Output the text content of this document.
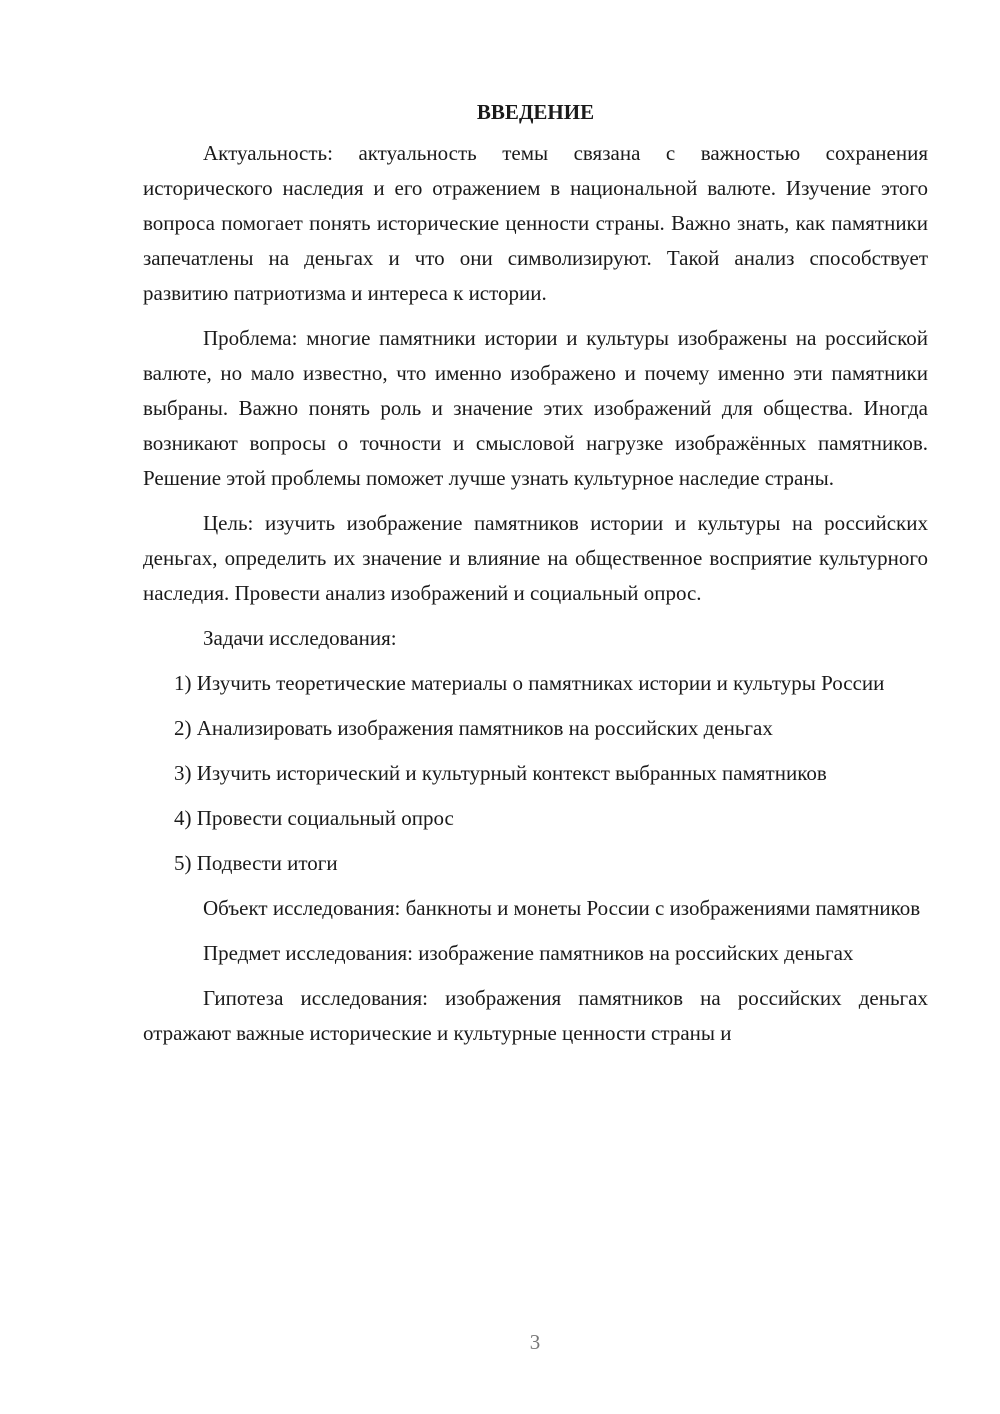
ВВЕДЕНИЕ

Актуальность: актуальность темы связана с важностью сохранения исторического наследия и его отражением в национальной валюте. Изучение этого вопроса помогает понять исторические ценности страны. Важно знать, как памятники запечатлены на деньгах и что они символизируют. Такой анализ способствует развитию патриотизма и интереса к истории.

Проблема: многие памятники истории и культуры изображены на российской валюте, но мало известно, что именно изображено и почему именно эти памятники выбраны. Важно понять роль и значение этих изображений для общества. Иногда возникают вопросы о точности и смысловой нагрузке изображённых памятников. Решение этой проблемы поможет лучше узнать культурное наследие страны.

Цель: изучить изображение памятников истории и культуры на российских деньгах, определить их значение и влияние на общественное восприятие культурного наследия. Провести анализ изображений и социальный опрос.

Задачи исследования:

1) Изучить теоретические материалы о памятниках истории и культуры России

2) Анализировать изображения памятников на российских деньгах

3) Изучить исторический и культурный контекст выбранных памятников

4) Провести социальный опрос

5) Подвести итоги

Объект исследования: банкноты и монеты России с изображениями памятников

Предмет исследования: изображение памятников на российских деньгах

Гипотеза исследования: изображения памятников на российских деньгах отражают важные исторические и культурные ценности страны и

3
